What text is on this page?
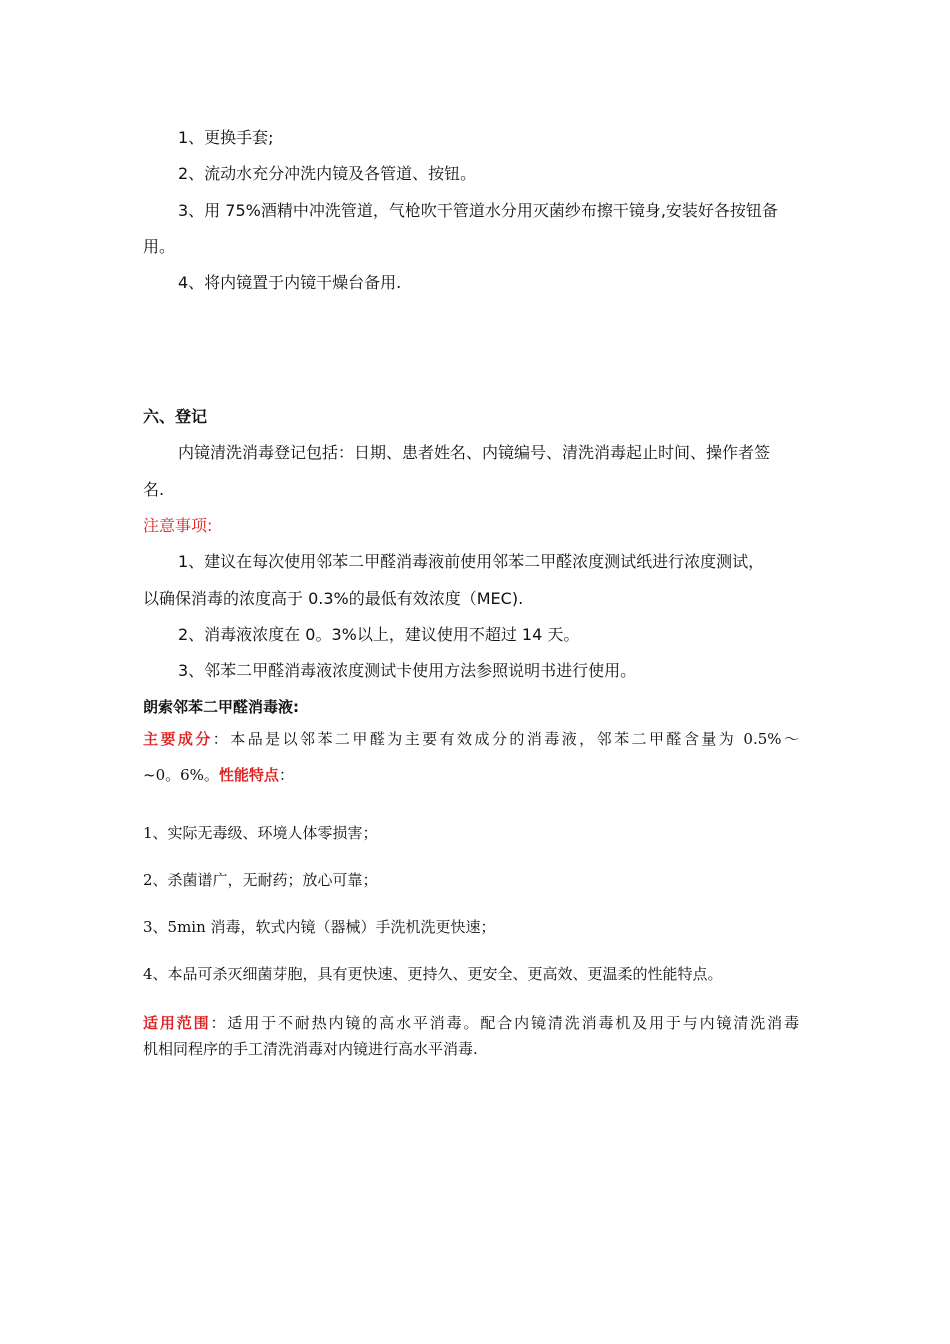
1、更换手套;
2、流动水充分冲洗内镜及各管道、按钮。
3、用 75%酒精中冲洗管道，气枪吹干管道水分用灭菌纱布擦干镜身,安装好各按钮备
用。
4、将内镜置于内镜干燥台备用.
六、登记
内镜清洗消毒登记包括：日期、患者姓名、内镜编号、清洗消毒起止时间、操作者签
名.
注意事项:
1、建议在每次使用邻苯二甲醛消毒液前使用邻苯二甲醛浓度测试纸进行浓度测试，
以确保消毒的浓度高于 0.3%的最低有效浓度（MEC).
2、消毒液浓度在 0。3%以上，建议使用不超过 14 天。
3、邻苯二甲醛消毒液浓度测试卡使用方法参照说明书进行使用。
朗索邻苯二甲醛消毒液:
主要成分：本品是以邻苯二甲醛为主要有效成分的消毒液，邻苯二甲醛含量为 0.5%～
~0。6%。性能特点：
1、实际无毒级、环境人体零损害；
2、杀菌谱广，无耐药；放心可靠；
3、5min 消毒，软式内镜（器械）手洗机洗更快速；
4、本品可杀灭细菌芽胞，具有更快速、更持久、更安全、更高效、更温柔的性能特点。
适用范围：适用于不耐热内镜的高水平消毒。配合内镜清洗消毒机及用于与内镜清洗消毒
机相同程序的手工清洗消毒对内镜进行高水平消毒.
